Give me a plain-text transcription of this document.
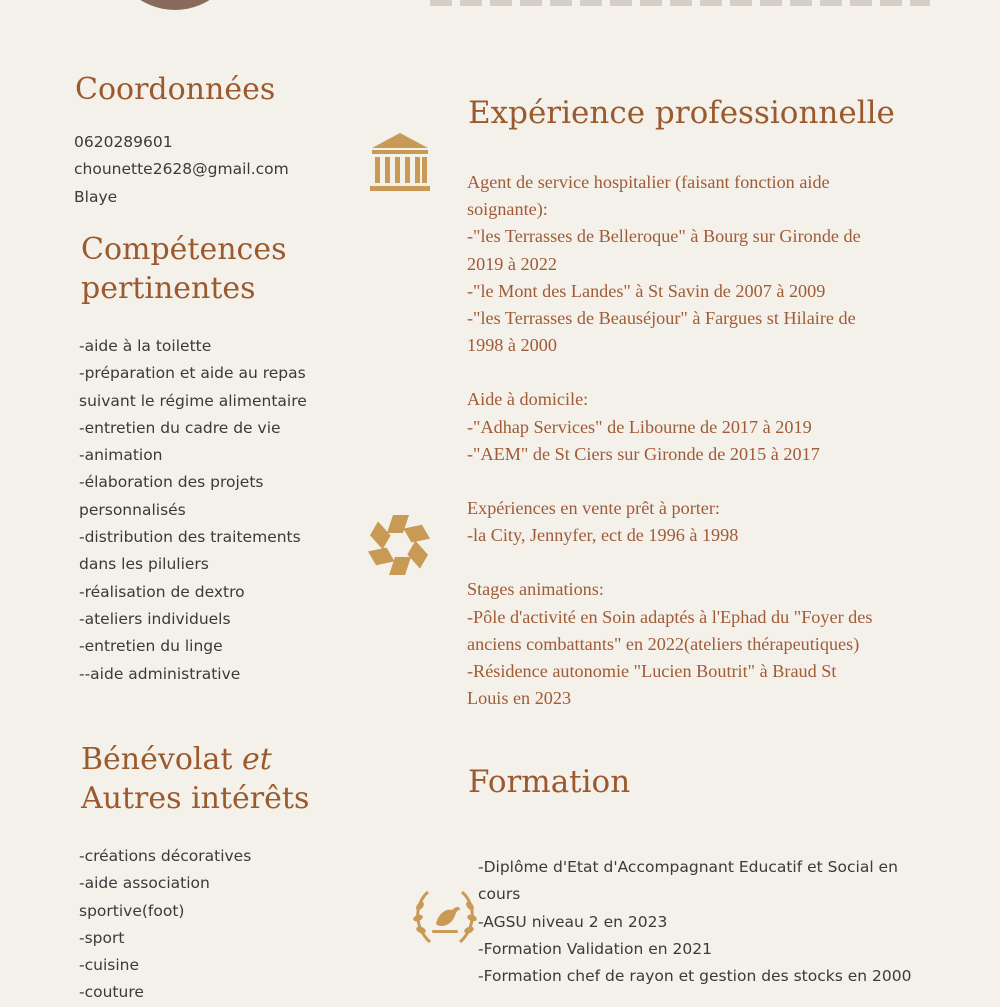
Coordonnées
0620289601
chounette2628@gmail.com
Blaye
Compétences
pertinentes
-aide à la toilette
-préparation et aide au repas
suivant le régime alimentaire
-entretien du cadre de vie
-animation
-élaboration des projets
personnalisés
-distribution des traitements
dans les piluliers
-réalisation de dextro
-ateliers individuels
-entretien du linge
--aide administrative
Bénévolat et
Autres intérêts
-créations décoratives
-aide association
sportive(foot)
-sport
-cuisine
-couture
Expérience professionnelle
Agent de service hospitalier (faisant fonction aide
soignante):
-"les Terrasses de Belleroque" à Bourg sur Gironde de
2019 à 2022
-"le Mont des Landes" à St Savin de 2007 à 2009
-"les Terrasses de Beauséjour" à Fargues st Hilaire de
1998 à 2000
Aide à domicile:
-"Adhap Services" de Libourne de 2017 à 2019
-"AEM" de St Ciers sur Gironde de 2015 à 2017
Expériences en vente prêt à porter:
-la City, Jennyfer, ect de 1996 à 1998
Stages animations:
-Pôle d'activité en Soin adaptés à l'Ephad du "Foyer des
anciens combattants" en 2022(ateliers thérapeutiques)
-Résidence autonomie "Lucien Boutrit" à Braud St
Louis en 2023
Formation
-Diplôme d'Etat d'Accompagnant Educatif et Social en
cours
-AGSU niveau 2 en 2023
-Formation Validation en 2021
-Formation chef de rayon et gestion des stocks en 2000
